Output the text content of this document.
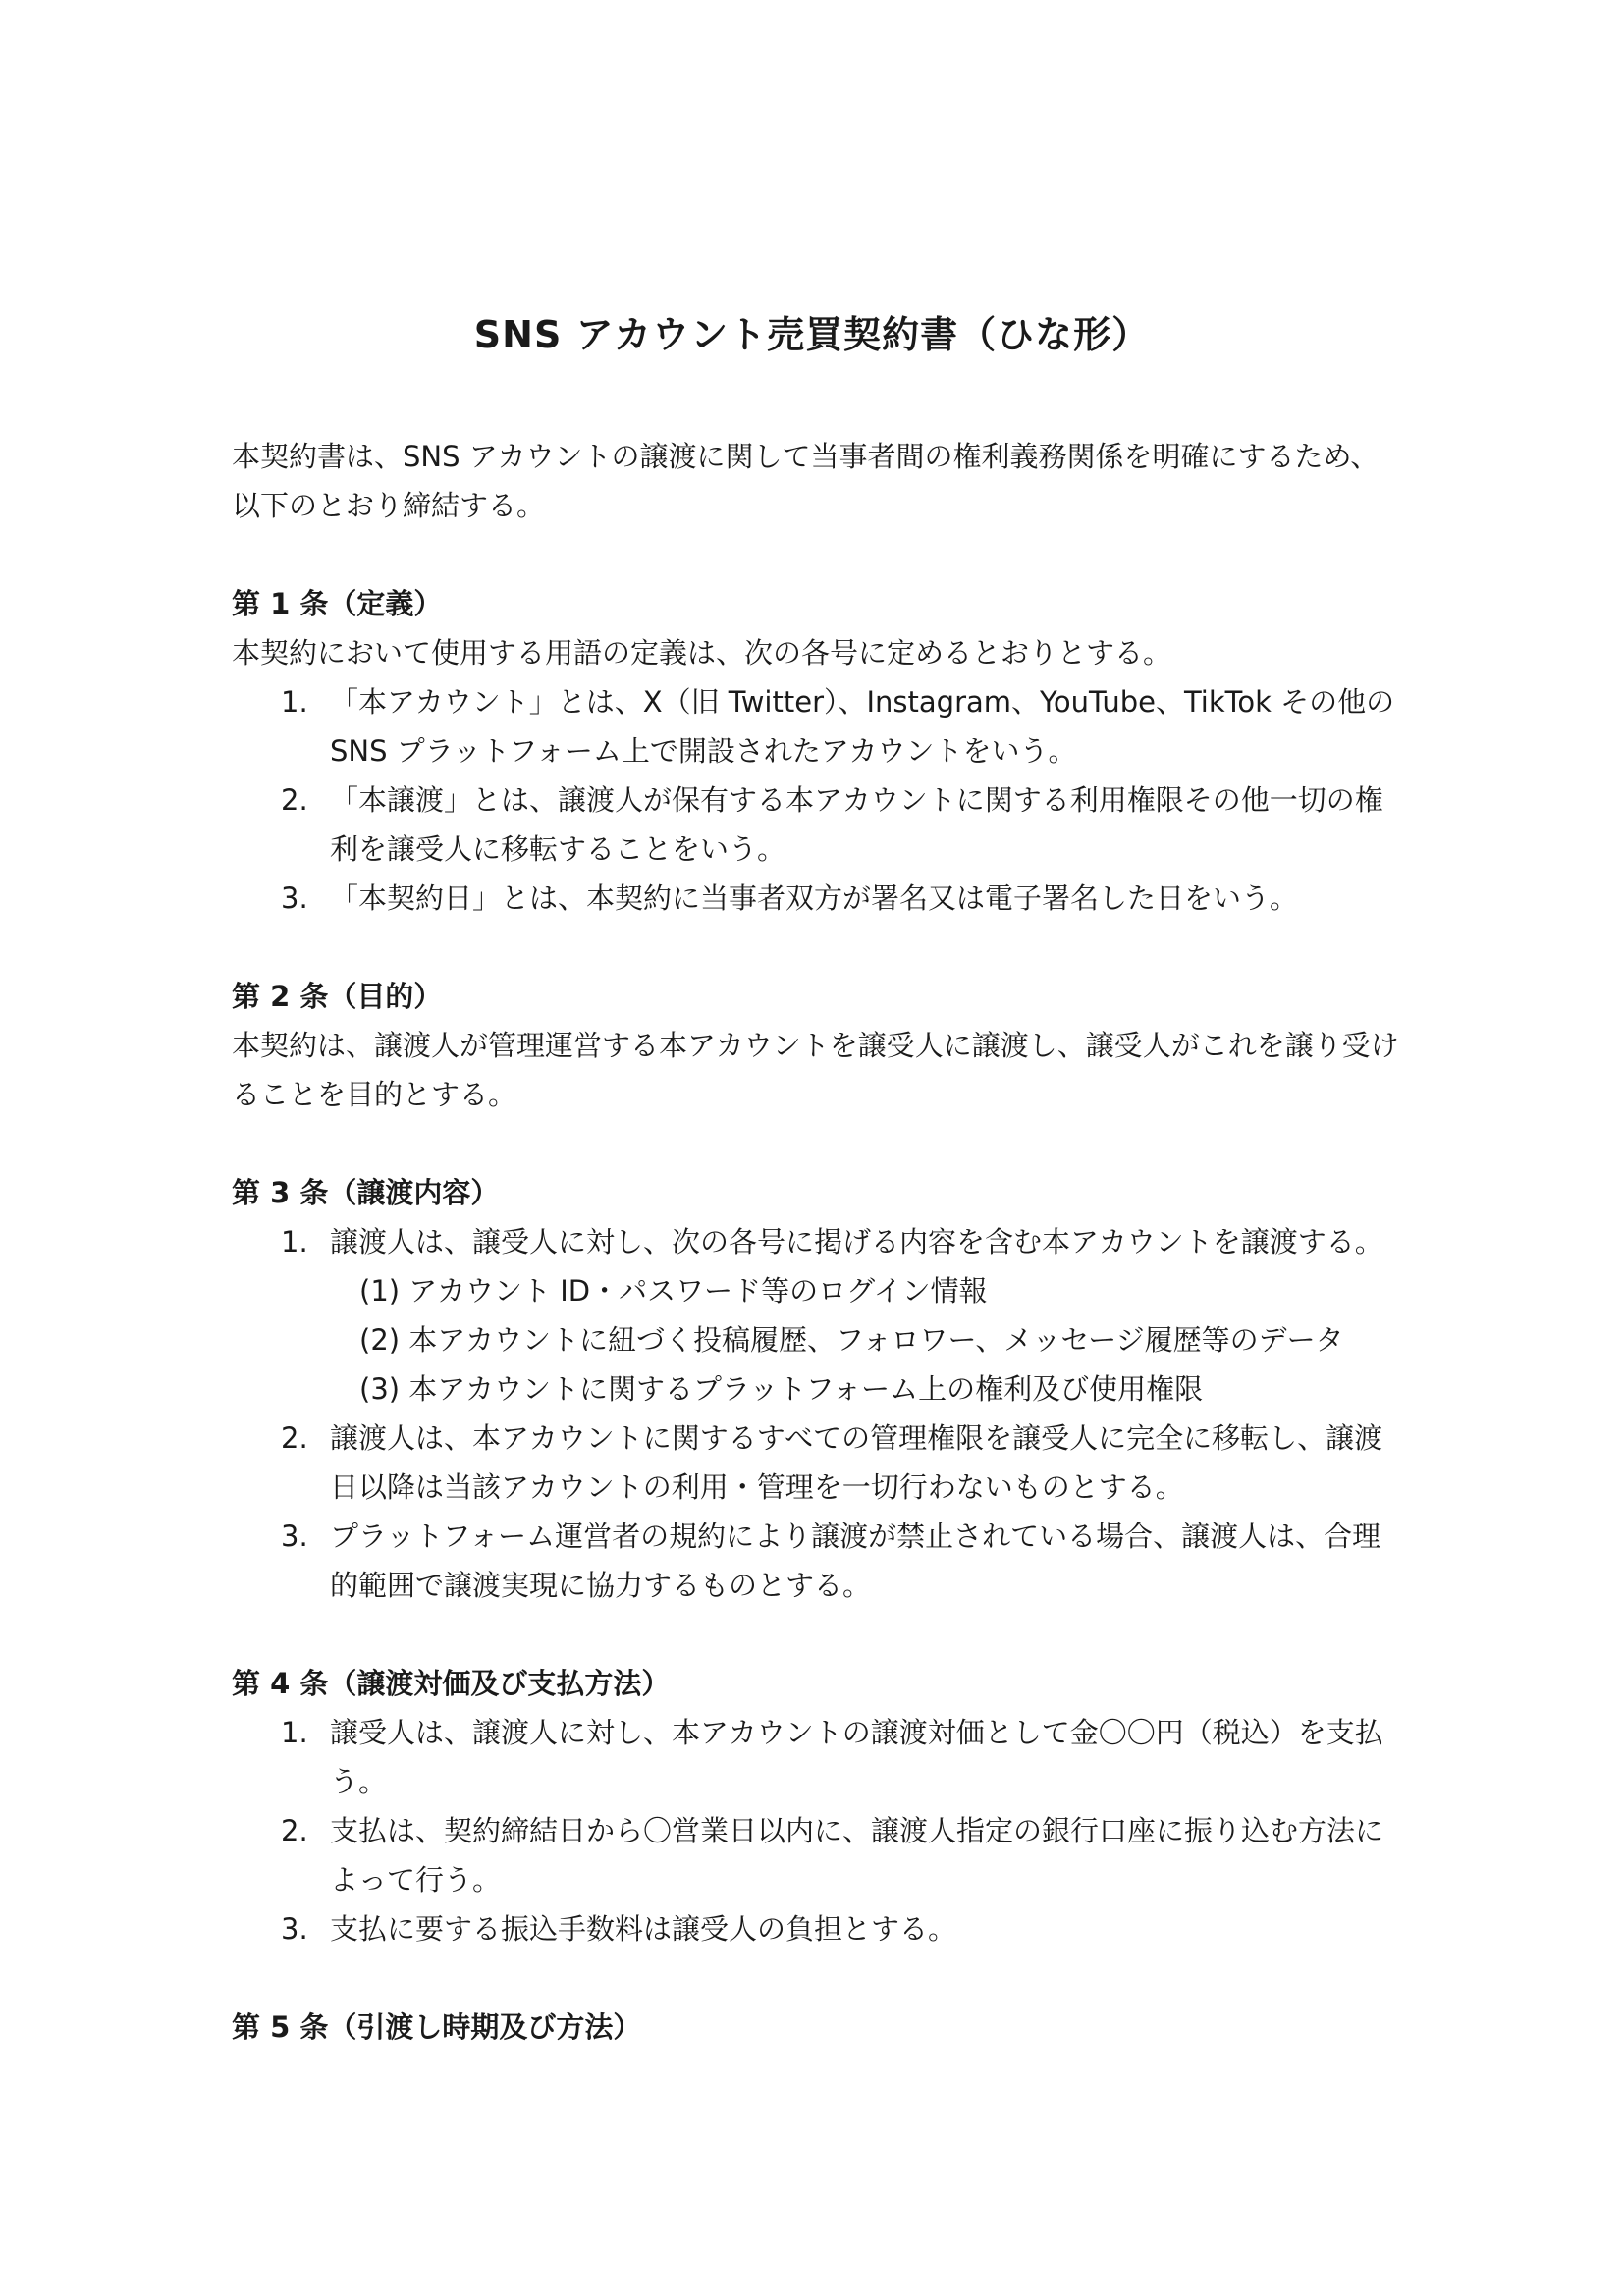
SNS アカウント売買契約書（ひな形）

本契約書は、SNS アカウントの譲渡に関して当事者間の権利義務関係を明確にするため、以下のとおり締結する。

第 1 条（定義）

本契約において使用する用語の定義は、次の各号に定めるとおりとする。

1. 「本アカウント」とは、X（旧 Twitter）、Instagram、YouTube、TikTok その他の SNS プラットフォーム上で開設されたアカウントをいう。
2. 「本譲渡」とは、譲渡人が保有する本アカウントに関する利用権限その他一切の権利を譲受人に移転することをいう。
3. 「本契約日」とは、本契約に当事者双方が署名又は電子署名した日をいう。

第 2 条（目的）

本契約は、譲渡人が管理運営する本アカウントを譲受人に譲渡し、譲受人がこれを譲り受けることを目的とする。

第 3 条（譲渡内容）

1. 譲渡人は、譲受人に対し、次の各号に掲げる内容を含む本アカウントを譲渡する。
(1) アカウント ID・パスワード等のログイン情報
(2) 本アカウントに紐づく投稿履歴、フォロワー、メッセージ履歴等のデータ
(3) 本アカウントに関するプラットフォーム上の権利及び使用権限
2. 譲渡人は、本アカウントに関するすべての管理権限を譲受人に完全に移転し、譲渡日以降は当該アカウントの利用・管理を一切行わないものとする。
3. プラットフォーム運営者の規約により譲渡が禁止されている場合、譲渡人は、合理的範囲で譲渡実現に協力するものとする。

第 4 条（譲渡対価及び支払方法）

1. 譲受人は、譲渡人に対し、本アカウントの譲渡対価として金〇〇円（税込）を支払う。
2. 支払は、契約締結日から〇営業日以内に、譲渡人指定の銀行口座に振り込む方法によって行う。
3. 支払に要する振込手数料は譲受人の負担とする。

第 5 条（引渡し時期及び方法）
